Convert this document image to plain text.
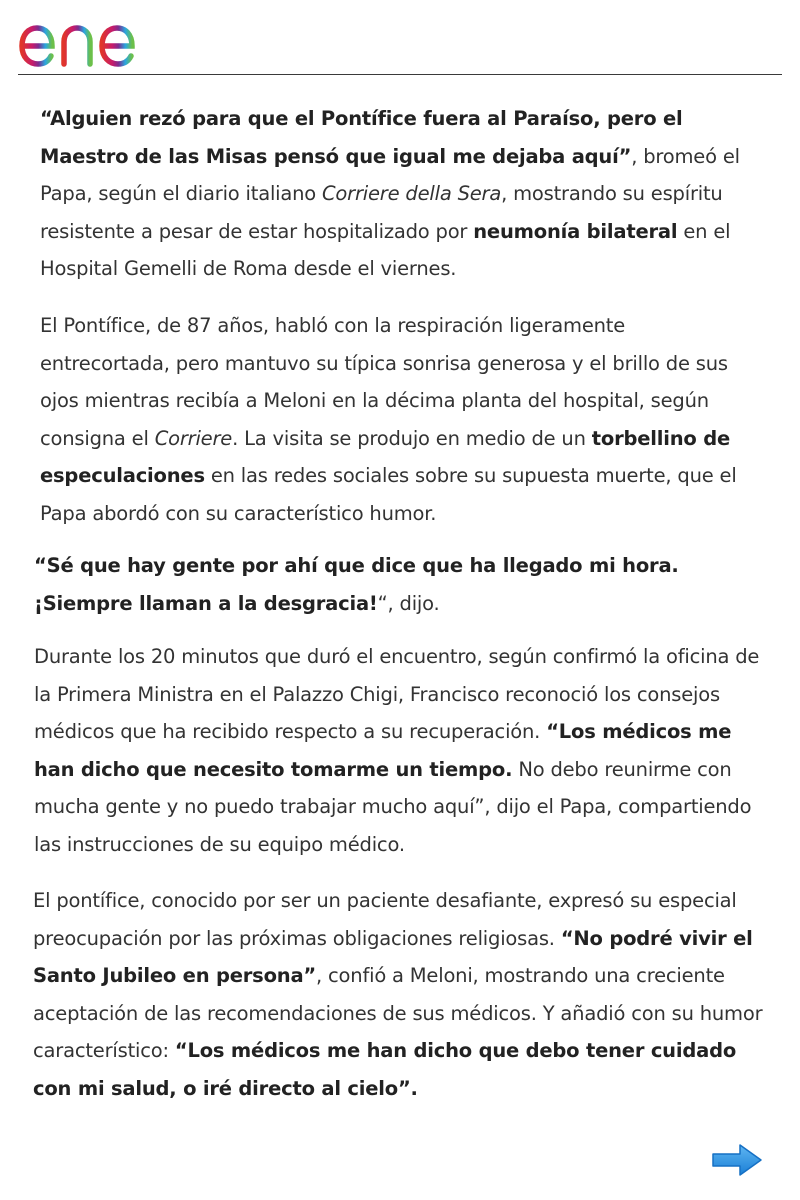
“Alguien rezó para que el Pontífice fuera al Paraíso, pero el Maestro de las Misas pensó que igual me dejaba aquí”, bromeó el Papa, según el diario italiano Corriere della Sera, mostrando su espíritu resistente a pesar de estar hospitalizado por neumonía bilateral en el Hospital Gemelli de Roma desde el viernes.

El Pontífice, de 87 años, habló con la respiración ligeramente entrecortada, pero mantuvo su típica sonrisa generosa y el brillo de sus ojos mientras recibía a Meloni en la décima planta del hospital, según consigna el Corriere. La visita se produjo en medio de un torbellino de especulaciones en las redes sociales sobre su supuesta muerte, que el Papa abordó con su característico humor.

“Sé que hay gente por ahí que dice que ha llegado mi hora. ¡Siempre llaman a la desgracia!“, dijo.

Durante los 20 minutos que duró el encuentro, según confirmó la oficina de la Primera Ministra en el Palazzo Chigi, Francisco reconoció los consejos médicos que ha recibido respecto a su recuperación. “Los médicos me han dicho que necesito tomarme un tiempo. No debo reunirme con mucha gente y no puedo trabajar mucho aquí”, dijo el Papa, compartiendo las instrucciones de su equipo médico.

El pontífice, conocido por ser un paciente desafiante, expresó su especial preocupación por las próximas obligaciones religiosas. “No podré vivir el Santo Jubileo en persona”, confió a Meloni, mostrando una creciente aceptación de las recomendaciones de sus médicos. Y añadió con su humor característico: “Los médicos me han dicho que debo tener cuidado con mi salud, o iré directo al cielo”.
